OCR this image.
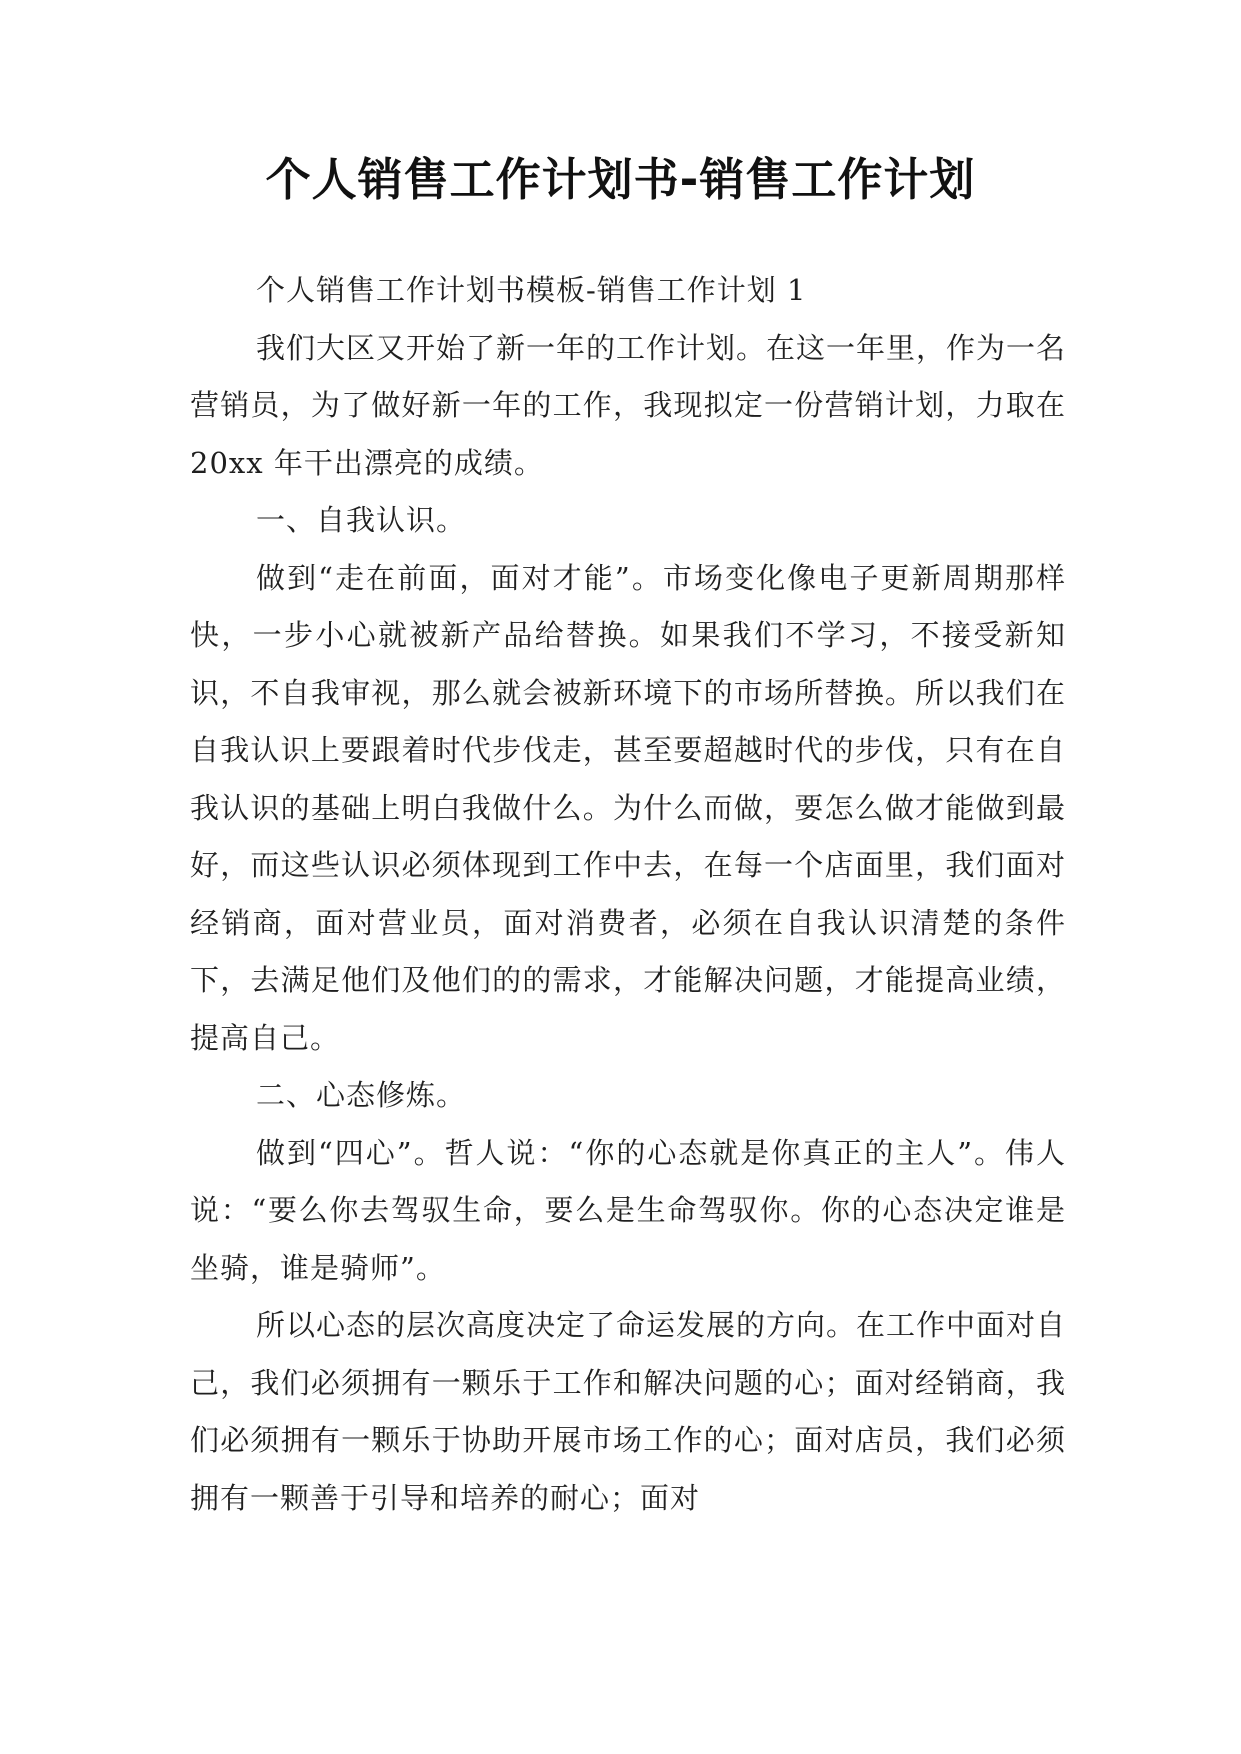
个人销售工作计划书-销售工作计划

个人销售工作计划书模板-销售工作计划 1

我们大区又开始了新一年的工作计划。在这一年里，作为一名营销员，为了做好新一年的工作，我现拟定一份营销计划，力取在 20xx 年干出漂亮的成绩。

一、自我认识。

做到“走在前面，面对才能”。市场变化像电子更新周期那样快，一步小心就被新产品给替换。如果我们不学习，不接受新知识，不自我审视，那么就会被新环境下的市场所替换。所以我们在自我认识上要跟着时代步伐走，甚至要超越时代的步伐，只有在自我认识的基础上明白我做什么。为什么而做，要怎么做才能做到最好，而这些认识必须体现到工作中去，在每一个店面里，我们面对经销商，面对营业员，面对消费者，必须在自我认识清楚的条件下，去满足他们及他们的的需求，才能解决问题，才能提高业绩，提高自己。

二、心态修炼。

做到“四心”。哲人说：“你的心态就是你真正的主人”。伟人说：“要么你去驾驭生命，要么是生命驾驭你。你的心态决定谁是坐骑，谁是骑师”。

所以心态的层次高度决定了命运发展的方向。在工作中面对自己，我们必须拥有一颗乐于工作和解决问题的心；面对经销商，我们必须拥有一颗乐于协助开展市场工作的心；面对店员，我们必须拥有一颗善于引导和培养的耐心；面对
